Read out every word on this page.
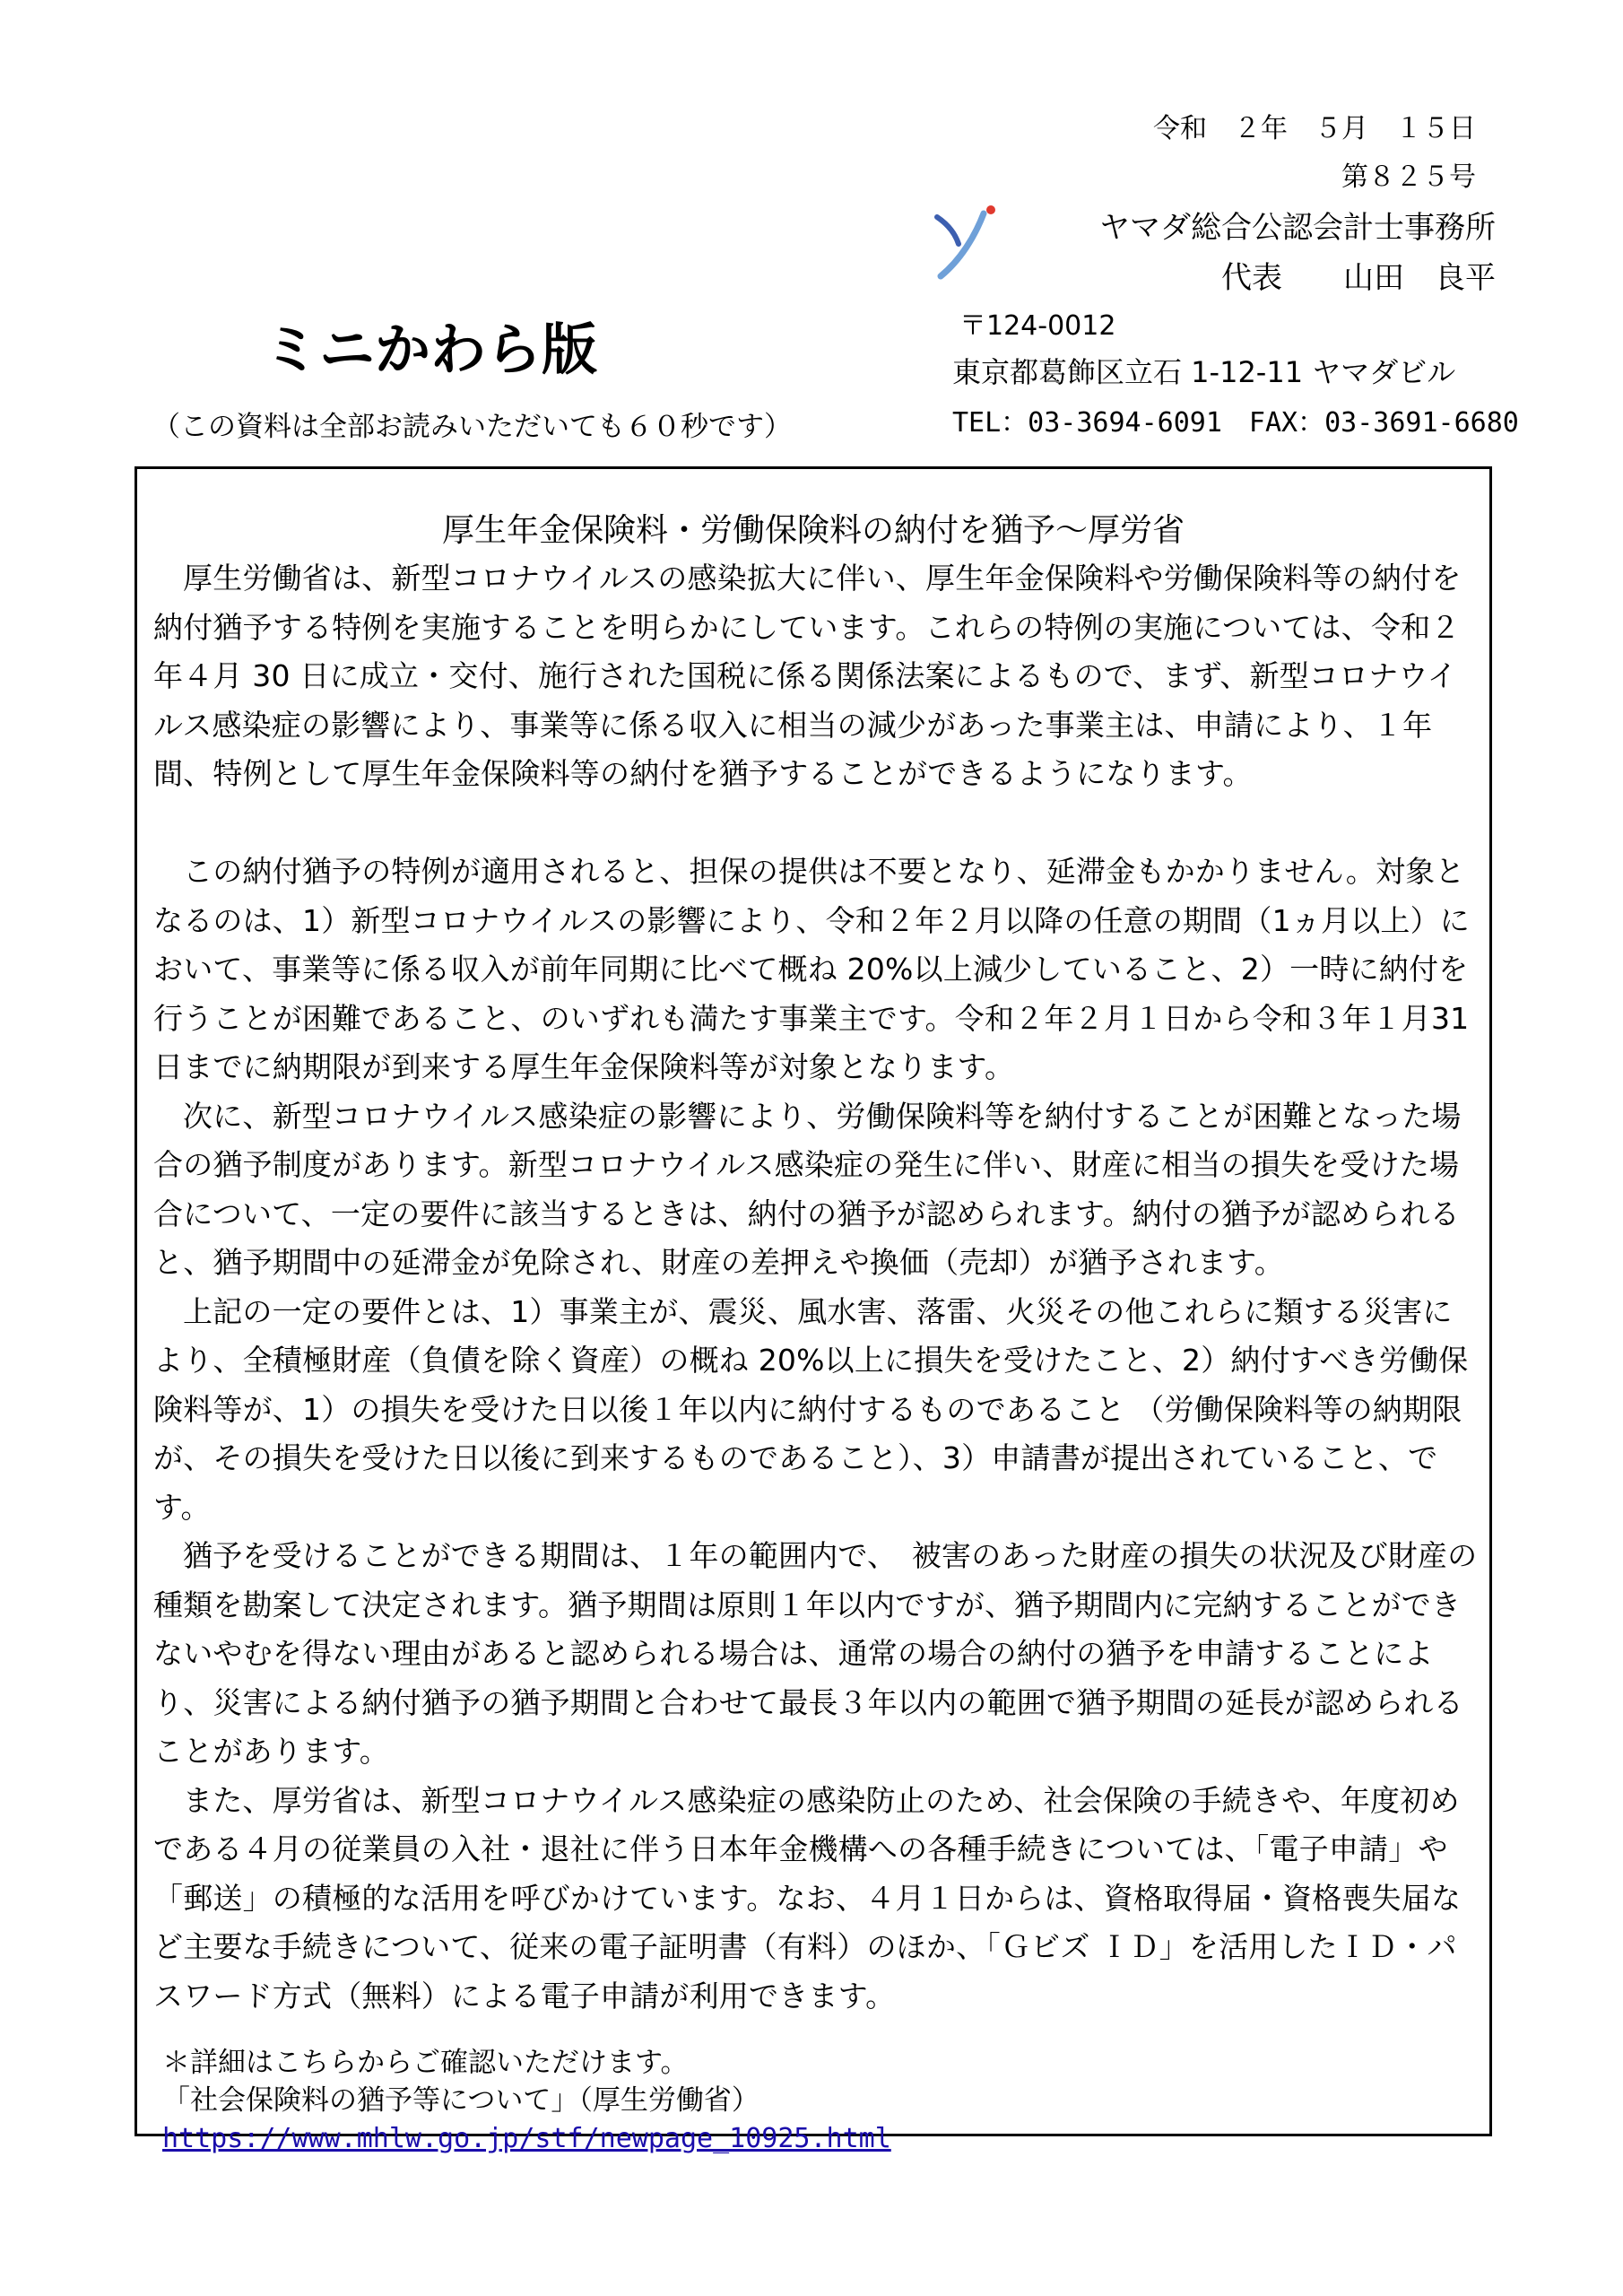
令和　２年　５月　１５日
第８２５号
ヤマダ総合公認会計士事務所
代表　　山田　良平
ミニかわら版	〒124-0012
東京都葛飾区立石 1-12-11 ヤマダビル
（この資料は全部お読みいただいても６０秒です）	TEL：03-3694-6091　FAX：03-3691-6680
厚生年金保険料・労働保険料の納付を猶予～厚労省

厚生労働省は、新型コロナウイルスの感染拡大に伴い、厚生年金保険料や労働保険料等の納付を納付猶予する特例を実施することを明らかにしています。これらの特例の実施については、令和２年４月 30 日に成立・交付、施行された国税に係る関係法案によるもので、まず、新型コロナウイルス感染症の影響により、事業等に係る収入に相当の減少があった事業主は、申請により、１年間、特例として厚生年金保険料等の納付を猶予することができるようになります。

この納付猶予の特例が適用されると、担保の提供は不要となり、延滞金もかかりません。対象となるのは、1）新型コロナウイルスの影響により、令和２年２月以降の任意の期間（1ヵ月以上）において、事業等に係る収入が前年同期に比べて概ね 20%以上減少していること、2）一時に納付を行うことが困難であること、のいずれも満たす事業主です。令和２年２月１日から令和３年１月31 日までに納期限が到来する厚生年金保険料等が対象となります。

次に、新型コロナウイルス感染症の影響により、労働保険料等を納付することが困難となった場合の猶予制度があります。新型コロナウイルス感染症の発生に伴い、財産に相当の損失を受けた場合について、一定の要件に該当するときは、納付の猶予が認められます。納付の猶予が認められると、猶予期間中の延滞金が免除され、財産の差押えや換価（売却）が猶予されます。

上記の一定の要件とは、1）事業主が、震災、風水害、落雷、火災その他これらに類する災害により、全積極財産（負債を除く資産）の概ね 20%以上に損失を受けたこと、2）納付すべき労働保険料等が、1）の損失を受けた日以後１年以内に納付するものであること （労働保険料等の納期限が、その損失を受けた日以後に到来するものであること）、3）申請書が提出されていること、です。

猶予を受けることができる期間は、１年の範囲内で、　被害のあった財産の損失の状況及び財産の種類を勘案して決定されます。猶予期間は原則１年以内ですが、猶予期間内に完納することができないやむを得ない理由があると認められる場合は、通常の場合の納付の猶予を申請することにより、災害による納付猶予の猶予期間と合わせて最長３年以内の範囲で猶予期間の延長が認められることがあります。

また、厚労省は、新型コロナウイルス感染症の感染防止のため、社会保険の手続きや、年度初めである４月の従業員の入社・退社に伴う日本年金機構への各種手続きについては、「電子申請」や「郵送」の積極的な活用を呼びかけています。なお、４月１日からは、資格取得届・資格喪失届など主要な手続きについて、従来の電子証明書（有料）のほか、「Ｇビズ ＩＤ」を活用したＩＤ・パスワード方式（無料）による電子申請が利用できます。

＊詳細はこちらからご確認いただけます。
「社会保険料の猶予等について」（厚生労働省）https://www.mhlw.go.jp/stf/newpage_10925.html
